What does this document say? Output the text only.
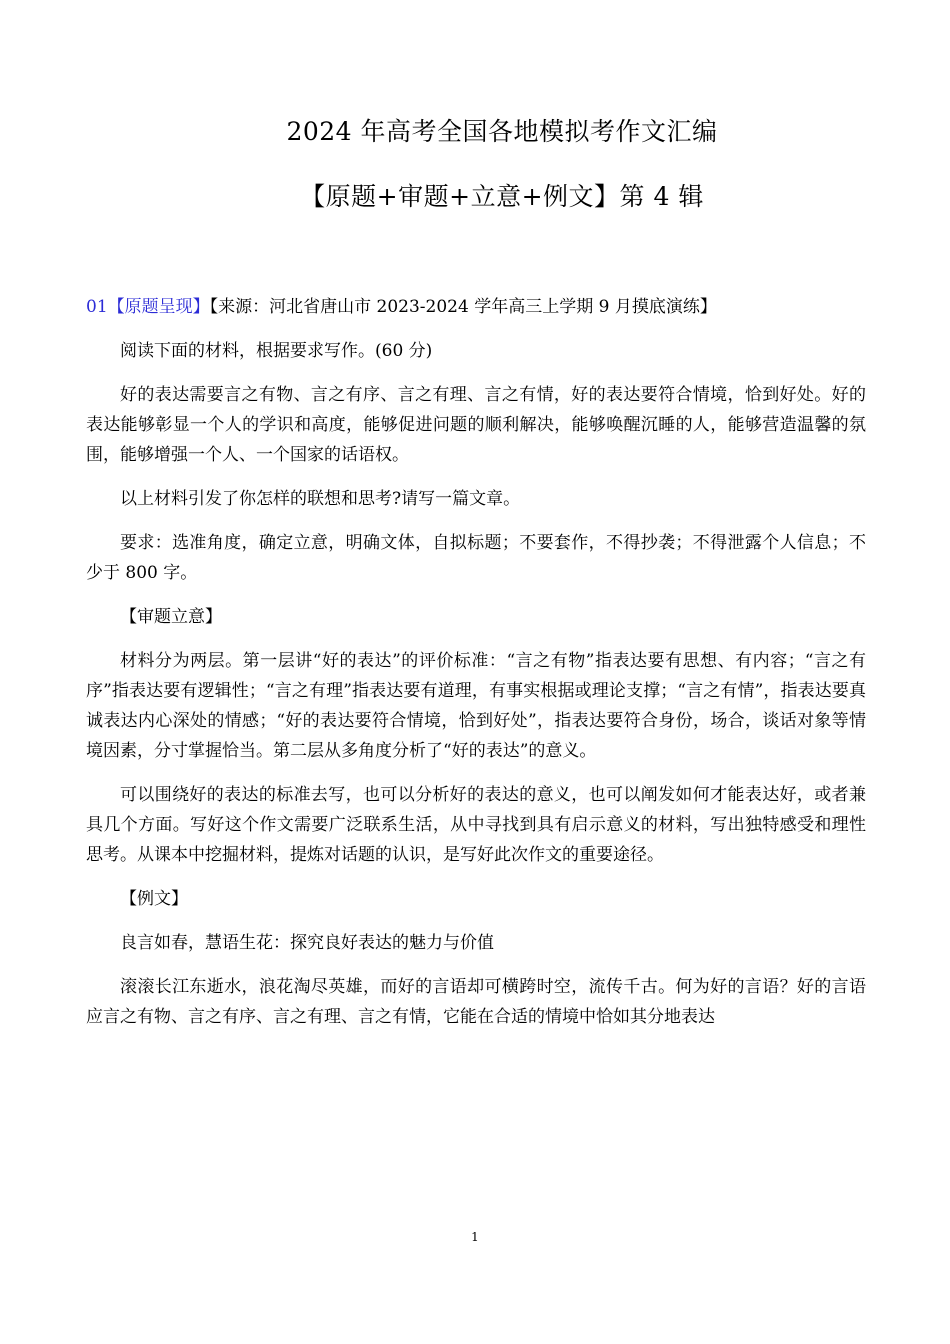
2024 年高考全国各地模拟考作文汇编
【原题+审题+立意+例文】第 4 辑

01【原题呈现】【来源：河北省唐山市 2023-2024 学年高三上学期 9 月摸底演练】

阅读下面的材料，根据要求写作。(60 分)

好的表达需要言之有物、言之有序、言之有理、言之有情，好的表达要符合情境，恰到好处。好的表达能够彰显一个人的学识和高度，能够促进问题的顺利解决，能够唤醒沉睡的人，能够营造温馨的氛围，能够增强一个人、一个国家的话语权。

以上材料引发了你怎样的联想和思考?请写一篇文章。

要求：选准角度，确定立意，明确文体，自拟标题；不要套作，不得抄袭；不得泄露个人信息；不少于 800 字。

【审题立意】

材料分为两层。第一层讲“好的表达”的评价标准：“言之有物”指表达要有思想、有内容；“言之有序”指表达要有逻辑性；“言之有理”指表达要有道理，有事实根据或理论支撑；“言之有情”，指表达要真诚表达内心深处的情感；“好的表达要符合情境，恰到好处”，指表达要符合身份，场合，谈话对象等情境因素，分寸掌握恰当。第二层从多角度分析了“好的表达”的意义。

可以围绕好的表达的标准去写，也可以分析好的表达的意义，也可以阐发如何才能表达好，或者兼具几个方面。写好这个作文需要广泛联系生活，从中寻找到具有启示意义的材料，写出独特感受和理性思考。从课本中挖掘材料，提炼对话题的认识，是写好此次作文的重要途径。

【例文】

良言如春，慧语生花：探究良好表达的魅力与价值

滚滚长江东逝水，浪花淘尽英雄，而好的言语却可横跨时空，流传千古。何为好的言语？好的言语应言之有物、言之有序、言之有理、言之有情，它能在合适的情境中恰如其分地表达

1
